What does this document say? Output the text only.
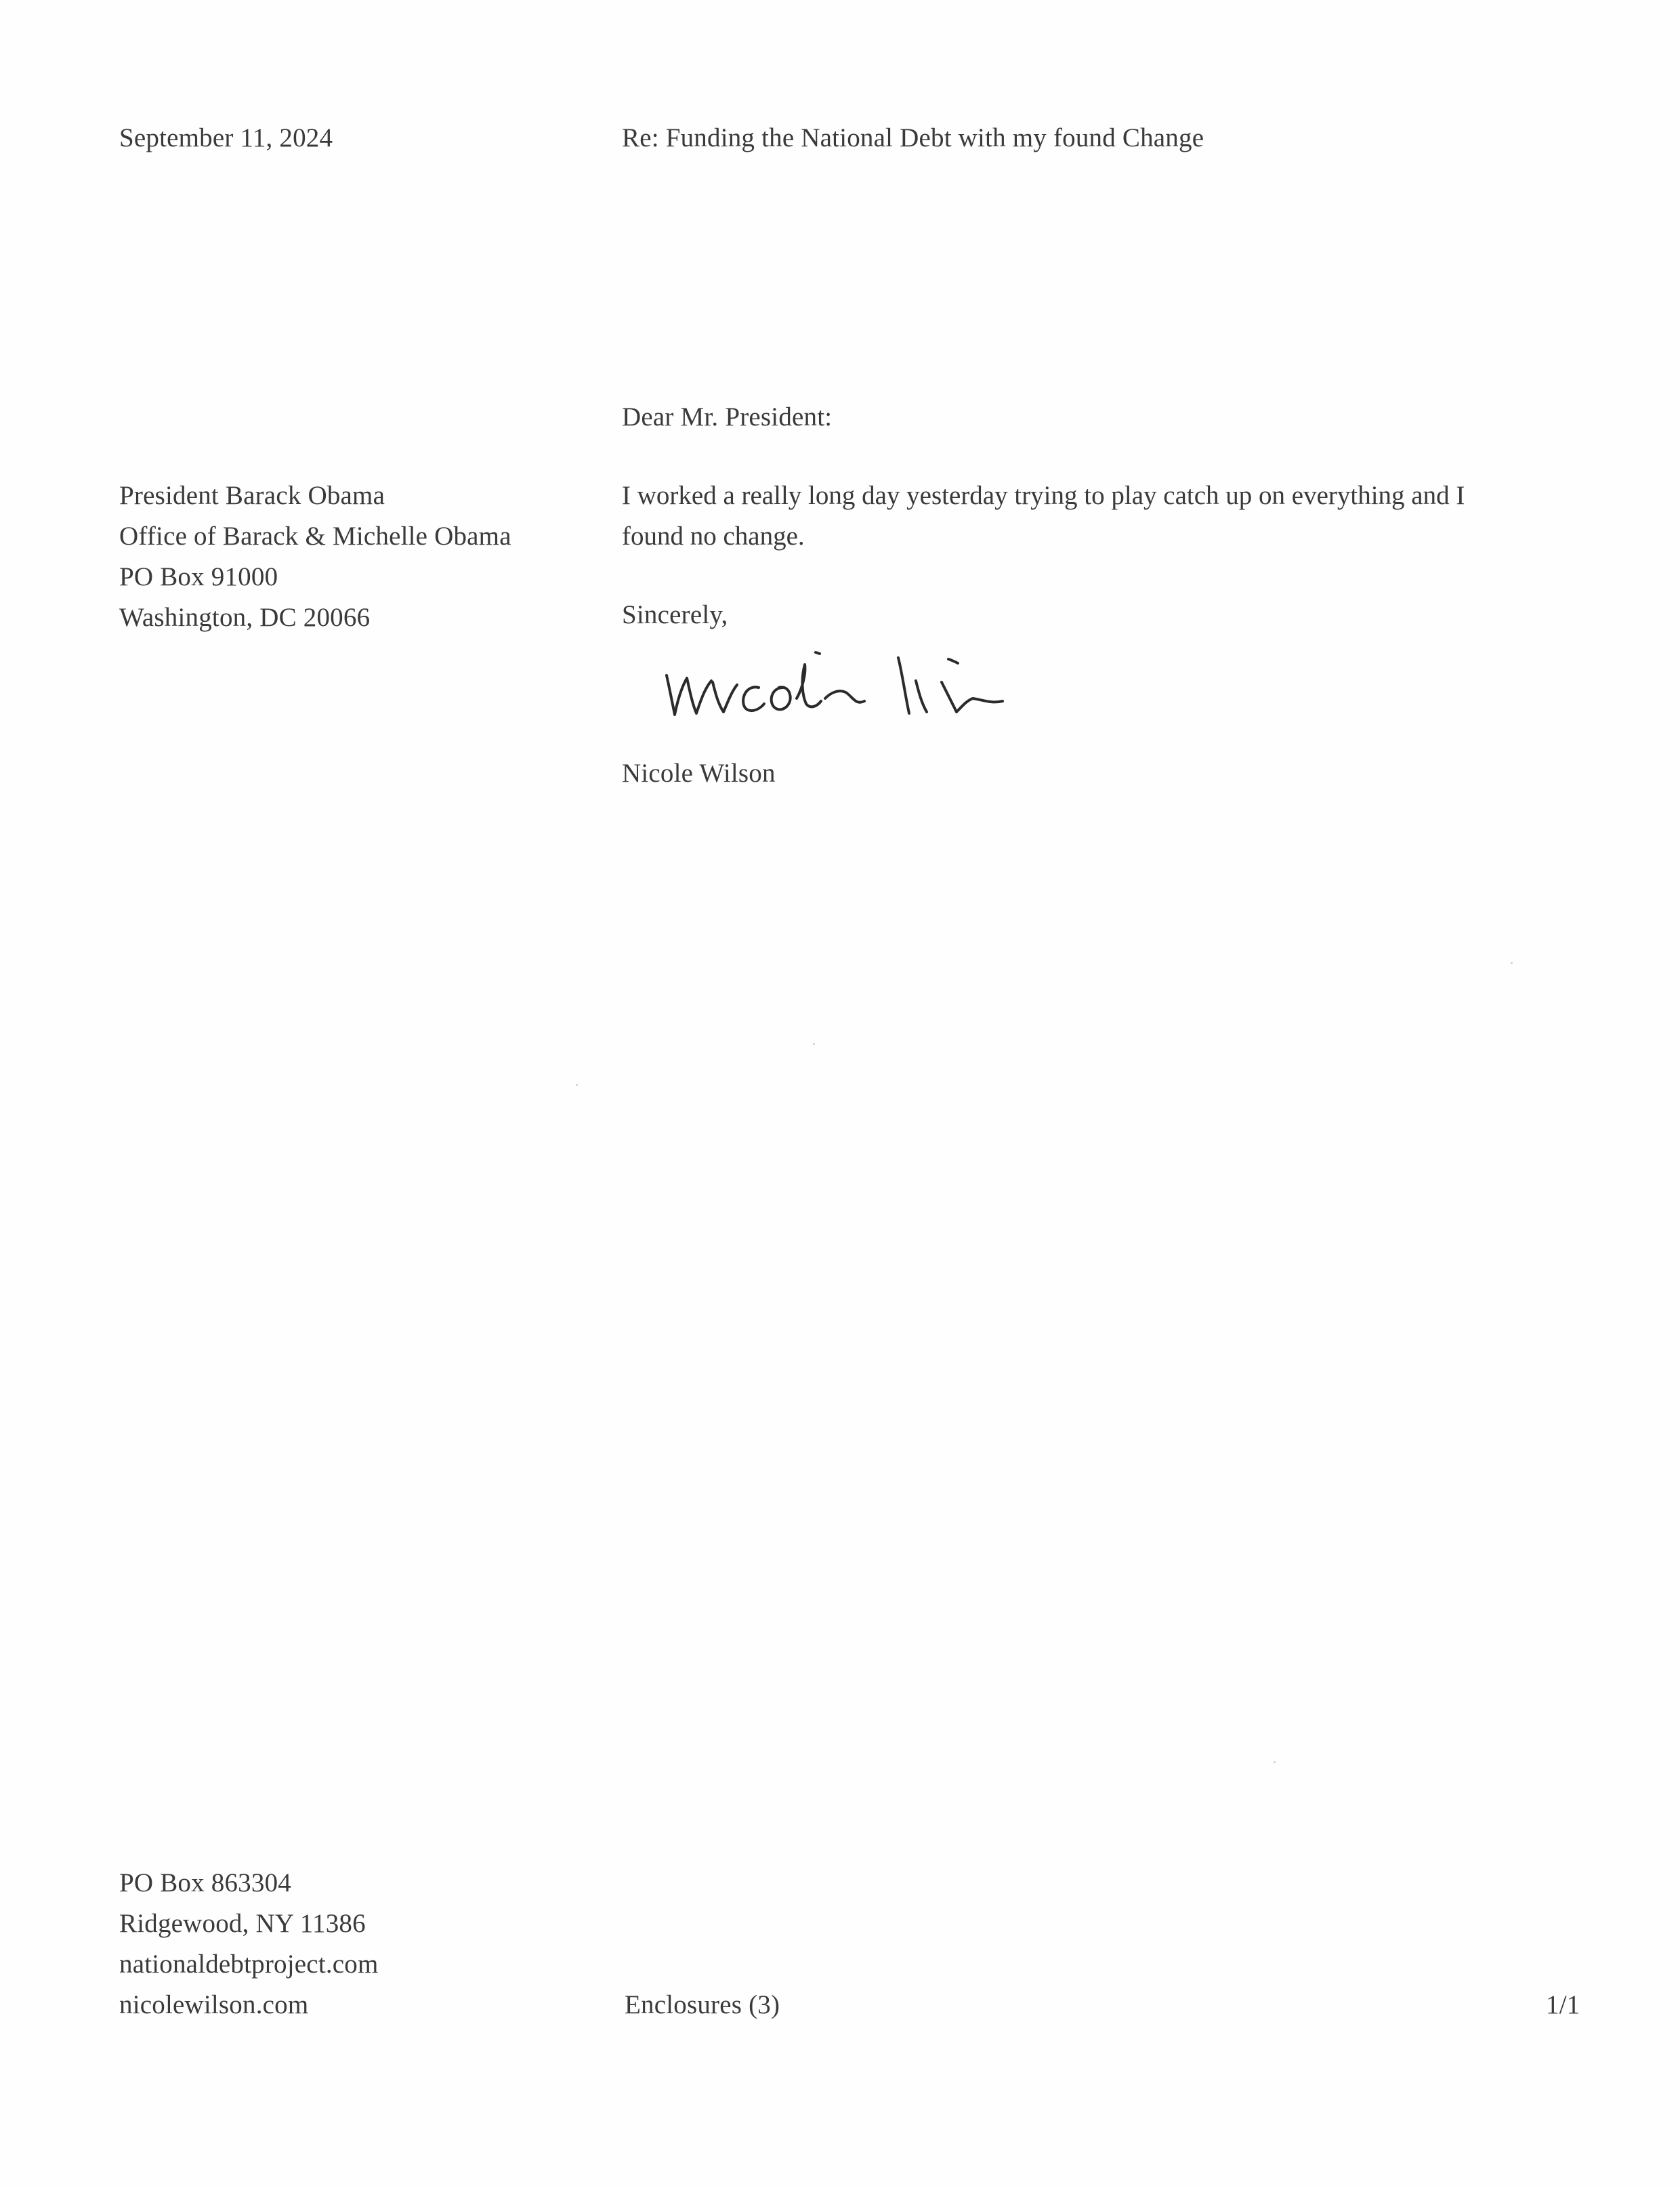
September 11, 2024	Re: Funding the National Debt with my found Change
Dear Mr. President:
President Barack Obama
Office of Barack & Michelle Obama
PO Box 91000
Washington, DC 20066
I worked a really long day yesterday trying to play catch up on everything and I found no change.
Sincerely,
Nicole Wilson
PO Box 863304
Ridgewood, NY 11386
nationaldebtproject.com
nicolewilson.com	Enclosures (3)	1/1
